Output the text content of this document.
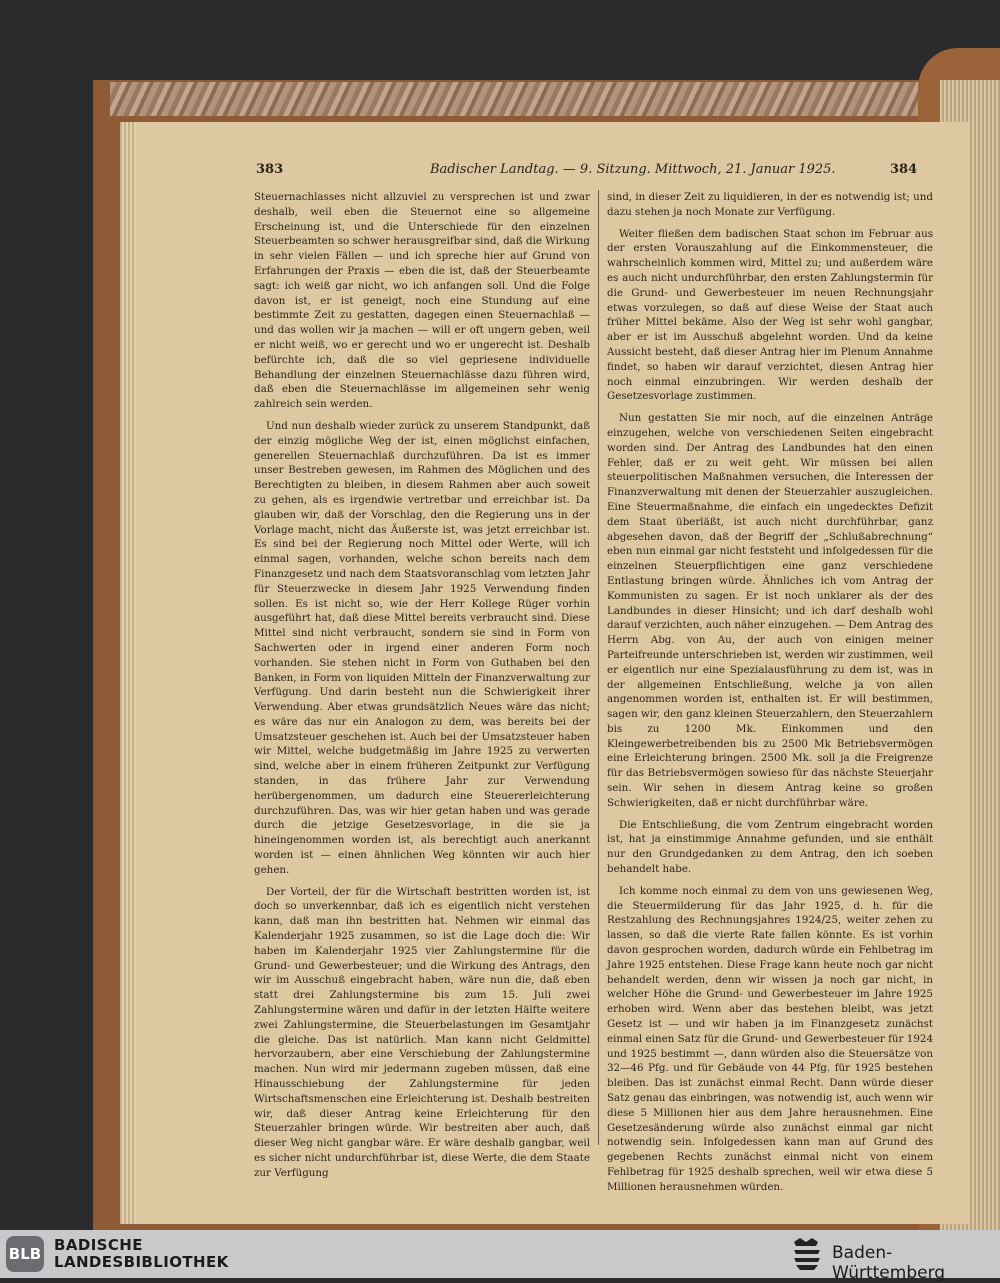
383	Badischer Landtag. — 9. Sitzung. Mittwoch, 21. Januar 1925.	384

Steuernachlasses nicht allzuviel zu versprechen ist und zwar deshalb, weil eben die Steuernot eine so allgemeine Erscheinung ist, und die Unterschiede für den einzelnen Steuerbeamten so schwer herausgreifbar sind, daß die Wirkung in sehr vielen Fällen — und ich spreche hier auf Grund von Erfahrungen der Praxis — eben die ist, daß der Steuerbeamte sagt: ich weiß gar nicht, wo ich anfangen soll. Und die Folge davon ist, er ist geneigt, noch eine Stundung auf eine bestimmte Zeit zu gestatten, dagegen einen Steuernachlaß — und das wollen wir ja machen — will er oft ungern geben, weil er nicht weiß, wo er gerecht und wo er ungerecht ist. Deshalb befürchte ich, daß die so viel gepriesene individuelle Behandlung der einzelnen Steuernachlässe dazu führen wird, daß eben die Steuernachlässe im allgemeinen sehr wenig zahlreich sein werden.

Und nun deshalb wieder zurück zu unserem Standpunkt, daß der einzig mögliche Weg der ist, einen möglichst einfachen, generellen Steuernachlaß durchzuführen. Da ist es immer unser Bestreben gewesen, im Rahmen des Möglichen und des Berechtigten zu bleiben, in diesem Rahmen aber auch soweit zu gehen, als es irgendwie vertretbar und erreichbar ist. Da glauben wir, daß der Vorschlag, den die Regierung uns in der Vorlage macht, nicht das Äußerste ist, was jetzt erreichbar ist. Es sind bei der Regierung noch Mittel oder Werte, will ich einmal sagen, vorhanden, welche schon bereits nach dem Finanzgesetz und nach dem Staatsvoranschlag vom letzten Jahr für Steuerzwecke in diesem Jahr 1925 Verwendung finden sollen. Es ist nicht so, wie der Herr Kollege Rüger vorhin ausgeführt hat, daß diese Mittel bereits verbraucht sind. Diese Mittel sind nicht verbraucht, sondern sie sind in Form von Sachwerten oder in irgend einer anderen Form noch vorhanden. Sie stehen nicht in Form von Guthaben bei den Banken, in Form von liquiden Mitteln der Finanzverwaltung zur Verfügung. Und darin besteht nun die Schwierigkeit ihrer Verwendung. Aber etwas grundsätzlich Neues wäre das nicht; es wäre das nur ein Analogon zu dem, was bereits bei der Umsatzsteuer geschehen ist. Auch bei der Umsatzsteuer haben wir Mittel, welche budgetmäßig im Jahre 1925 zu verwerten sind, welche aber in einem früheren Zeitpunkt zur Verfügung standen, in das frühere Jahr zur Verwendung herübergenommen, um dadurch eine Steuererleichterung durchzuführen. Das, was wir hier getan haben und was gerade durch die jetzige Gesetzesvorlage, in die sie ja hineingenommen worden ist, als berechtigt auch anerkannt worden ist — einen ähnlichen Weg könnten wir auch hier gehen.

Der Vorteil, der für die Wirtschaft bestritten worden ist, ist doch so unverkennbar, daß ich es eigentlich nicht verstehen kann, daß man ihn bestritten hat. Nehmen wir einmal das Kalenderjahr 1925 zusammen, so ist die Lage doch die: Wir haben im Kalenderjahr 1925 vier Zahlungstermine für die Grund- und Gewerbesteuer; und die Wirkung des Antrags, den wir im Ausschuß eingebracht haben, wäre nun die, daß eben statt drei Zahlungstermine bis zum 15. Juli zwei Zahlungstermine wären und dafür in der letzten Hälfte weitere zwei Zahlungstermine, die Steuerbelastungen im Gesamtjahr die gleiche. Das ist natürlich. Man kann nicht Geldmittel hervorzaubern, aber eine Verschiebung der Zahlungstermine machen. Nun wird mir jedermann zugeben müssen, daß eine Hinausschiebung der Zahlungstermine für jeden Wirtschaftsmenschen eine Erleichterung ist. Deshalb bestreiten wir, daß dieser Antrag keine Erleichterung für den Steuerzahler bringen würde. Wir bestreiten aber auch, daß dieser Weg nicht gangbar wäre. Er wäre deshalb gangbar, weil es sicher nicht undurchführbar ist, diese Werte, die dem Staate zur Verfügung

sind, in dieser Zeit zu liquidieren, in der es notwendig ist; und dazu stehen ja noch Monate zur Verfügung.

Weiter fließen dem badischen Staat schon im Februar aus der ersten Vorauszahlung auf die Einkommensteuer, die wahrscheinlich kommen wird, Mittel zu; und außerdem wäre es auch nicht undurchführbar, den ersten Zahlungstermin für die Grund- und Gewerbesteuer im neuen Rechnungsjahr etwas vorzulegen, so daß auf diese Weise der Staat auch früher Mittel bekäme. Also der Weg ist sehr wohl gangbar, aber er ist im Ausschuß abgelehnt worden. Und da keine Aussicht besteht, daß dieser Antrag hier im Plenum Annahme findet, so haben wir darauf verzichtet, diesen Antrag hier noch einmal einzubringen. Wir werden deshalb der Gesetzesvorlage zustimmen.

Nun gestatten Sie mir noch, auf die einzelnen Anträge einzugehen, welche von verschiedenen Seiten eingebracht worden sind. Der Antrag des Landbundes hat den einen Fehler, daß er zu weit geht. Wir müssen bei allen steuerpolitischen Maßnahmen versuchen, die Interessen der Finanzverwaltung mit denen der Steuerzahler auszugleichen. Eine Steuermaßnahme, die einfach ein ungedecktes Defizit dem Staat überläßt, ist auch nicht durchführbar, ganz abgesehen davon, daß der Begriff der „Schlußabrechnung“ eben nun einmal gar nicht feststeht und infolgedessen für die einzelnen Steuerpflichtigen eine ganz verschiedene Entlastung bringen würde. Ähnliches ich vom Antrag der Kommunisten zu sagen. Er ist noch unklarer als der des Landbundes in dieser Hinsicht; und ich darf deshalb wohl darauf verzichten, auch näher einzugehen. — Dem Antrag des Herrn Abg. von Au, der auch von einigen meiner Parteifreunde unterschrieben ist, werden wir zustimmen, weil er eigentlich nur eine Spezialausführung zu dem ist, was in der allgemeinen Entschließung, welche ja von allen angenommen worden ist, enthalten ist. Er will bestimmen, sagen wir, den ganz kleinen Steuerzahlern, den Steuerzahlern bis zu 1200 Mk. Einkommen und den Kleingewerbetreibenden bis zu 2500 Mk Betriebsvermögen eine Erleichterung bringen. 2500 Mk. soll ja die Freigrenze für das Betriebsvermögen sowieso für das nächste Steuerjahr sein. Wir sehen in diesem Antrag keine so großen Schwierigkeiten, daß er nicht durchführbar wäre.

Die Entschließung, die vom Zentrum eingebracht worden ist, hat ja einstimmige Annahme gefunden, und sie enthält nur den Grundgedanken zu dem Antrag, den ich soeben behandelt habe.

Ich komme noch einmal zu dem von uns gewiesenen Weg, die Steuermilderung für das Jahr 1925, d. h. für die Restzahlung des Rechnungsjahres 1924/25, weiter zehen zu lassen, so daß die vierte Rate fallen könnte. Es ist vorhin davon gesprochen worden, dadurch würde ein Fehlbetrag im Jahre 1925 entstehen. Diese Frage kann heute noch gar nicht behandelt werden, denn wir wissen ja noch gar nicht, in welcher Höhe die Grund- und Gewerbesteuer im Jahre 1925 erhoben wird. Wenn aber das bestehen bleibt, was jetzt Gesetz ist — und wir haben ja im Finanzgesetz zunächst einmal einen Satz für die Grund- und Gewerbesteuer für 1924 und 1925 bestimmt —, dann würden also die Steuersätze von 32—46 Pfg. und für Gebäude von 44 Pfg. für 1925 bestehen bleiben. Das ist zunächst einmal Recht. Dann würde dieser Satz genau das einbringen, was notwendig ist, auch wenn wir diese 5 Millionen hier aus dem Jahre herausnehmen. Eine Gesetzesänderung würde also zunächst einmal gar nicht notwendig sein. Infolgedessen kann man auf Grund des gegebenen Rechts zunächst einmal nicht von einem Fehlbetrag für 1925 deshalb sprechen, weil wir etwa diese 5 Millionen herausnehmen würden.

BLB BADISCHE
LANDESBIBLIOTHEK	Baden-Württemberg
